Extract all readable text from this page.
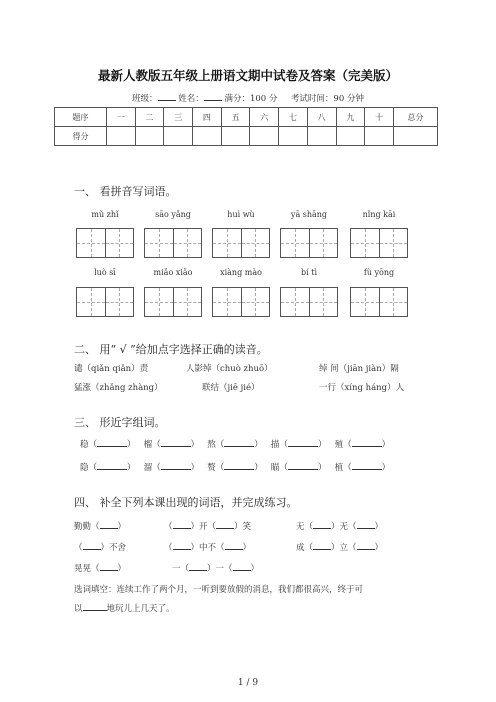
最新人教版五年级上册语文期中试卷及答案（完美版）
班级： 姓名： 满分：100 分 考试时间：90 分钟
题序	一	二	三	四	五	六	七	八	九	十	总分
得分											
一、 看拼音写词语。
mǔ zhǐ	sāo yǎng	huì wù	yā shāng	nǐng kāi
luò sī	miǎo xiǎo	xiàng mào	bí tì	fù yōng
二、 用“ √ ”给加点字选择正确的读音。
谴（qiǎn qiǎn）责	人影绰（chuò zhuō）	绰 间（jiān jiàn）隔
猛涨（zhǎng zhàng）	联结（jiē jié）	一行（xíng háng）人
三、 形近字组词。
稳（	） 榴（	） 熬（	） 描（	） 殖（	）
隐（	） 溜（	） 赘（	） 瞄（	） 植（	）
四、 补全下列本课出现的词语，并完成练习。
勤勤（ ）	（ ）开（ ）笑	无（ ）无（ ）
（ ）不舍	（ ）中不（ ）	成（ ）立（ ）
晃晃（ ）	一（ ）一（ ）
选词填空：连续工作了两个月，一听到要放假的消息，我们都很高兴，终于可
以	地玩儿上几天了。
1 / 9
